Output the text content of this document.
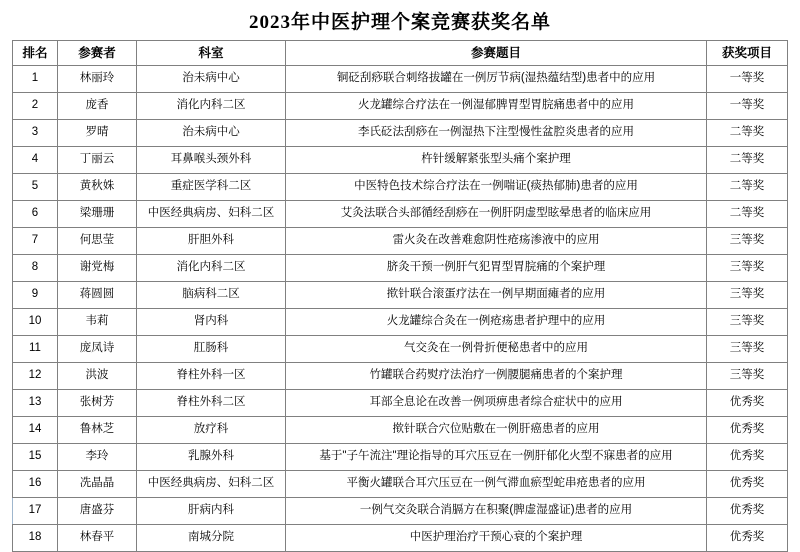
2023年中医护理个案竞赛获奖名单
排名	参赛者	科室	参赛题目	获奖项目
1	林丽玲	治未病中心	铜砭刮痧联合刺络拔罐在一例厉节病(湿热蕴结型)患者中的应用	一等奖
2	庞香	消化内科二区	火龙罐综合疗法在一例湿郁脾胃型胃脘痛患者中的应用	一等奖
3	罗晴	治未病中心	李氏砭法刮痧在一例湿热下注型慢性盆腔炎患者的应用	二等奖
4	丁丽云	耳鼻喉头颈外科	杵针缓解紧张型头痛个案护理	二等奖
5	黄秋姝	重症医学科二区	中医特色技术综合疗法在一例喘证(痰热郁肺)患者的应用	二等奖
6	梁珊珊	中医经典病房、妇科二区	艾灸法联合头部循经刮痧在一例肝阴虚型眩晕患者的临床应用	二等奖
7	何思莹	肝胆外科	雷火灸在改善难愈阴性疮疡渗液中的应用	三等奖
8	谢党梅	消化内科二区	脐灸干预一例肝气犯胃型胃脘痛的个案护理	三等奖
9	蒋圆圆	脑病科二区	揿针联合滚蛋疗法在一例早期面瘫者的应用	三等奖
10	韦莉	肾内科	火龙罐综合灸在一例疮疡患者护理中的应用	三等奖
11	庞凤诗	肛肠科	气交灸在一例骨折便秘患者中的应用	三等奖
12	洪波	脊柱外科一区	竹罐联合药熨疗法治疗一例腰腿痛患者的个案护理	三等奖
13	张树芳	脊柱外科二区	耳部全息论在改善一例项痹患者综合症状中的应用	优秀奖
14	鲁林芝	放疗科	揿针联合穴位贴敷在一例肝癌患者的应用	优秀奖
15	李玲	乳腺外科	基于"子午流注"理论指导的耳穴压豆在一例肝郁化火型不寐患者的应用	优秀奖
16	冼晶晶	中医经典病房、妇科二区	平衡火罐联合耳穴压豆在一例气滞血瘀型蛇串疮患者的应用	优秀奖
17	唐盛芬	肝病内科	一例气交灸联合消膈方在积聚(脾虚湿盛证)患者的应用	优秀奖
18	林春平	南城分院	中医护理治疗干预心衰的个案护理	优秀奖
